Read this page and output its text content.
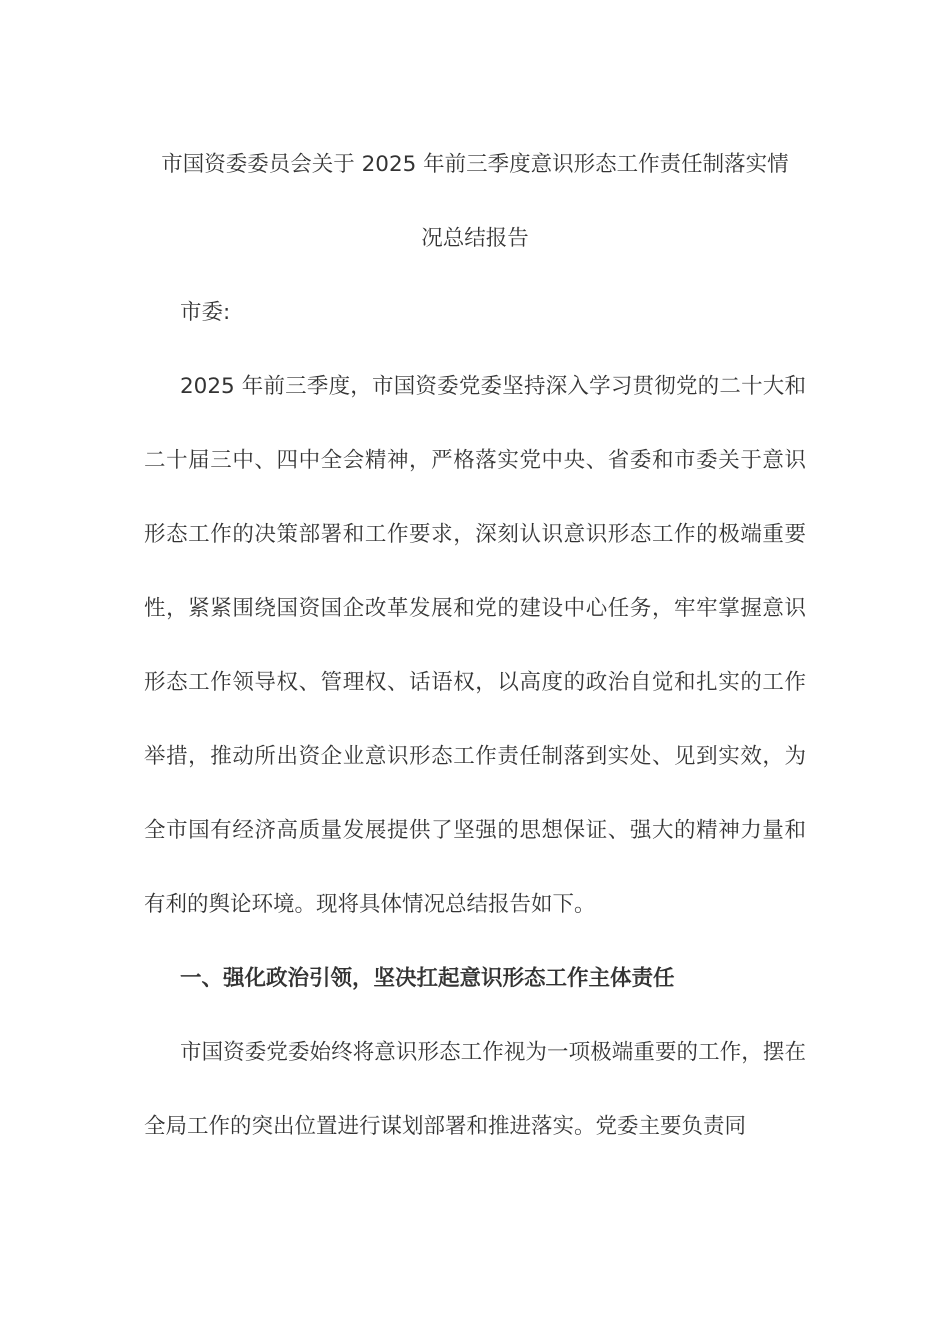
市国资委委员会关于 2025 年前三季度意识形态工作责任制落实情
况总结报告

市委:

2025 年前三季度，市国资委党委坚持深入学习贯彻党的二十大和二十届三中、四中全会精神，严格落实党中央、省委和市委关于意识形态工作的决策部署和工作要求，深刻认识意识形态工作的极端重要性，紧紧围绕国资国企改革发展和党的建设中心任务，牢牢掌握意识形态工作领导权、管理权、话语权，以高度的政治自觉和扎实的工作举措，推动所出资企业意识形态工作责任制落到实处、见到实效，为全市国有经济高质量发展提供了坚强的思想保证、强大的精神力量和有利的舆论环境。现将具体情况总结报告如下。

一、强化政治引领，坚决扛起意识形态工作主体责任

市国资委党委始终将意识形态工作视为一项极端重要的工作，摆在全局工作的突出位置进行谋划部署和推进落实。党委主要负责同
